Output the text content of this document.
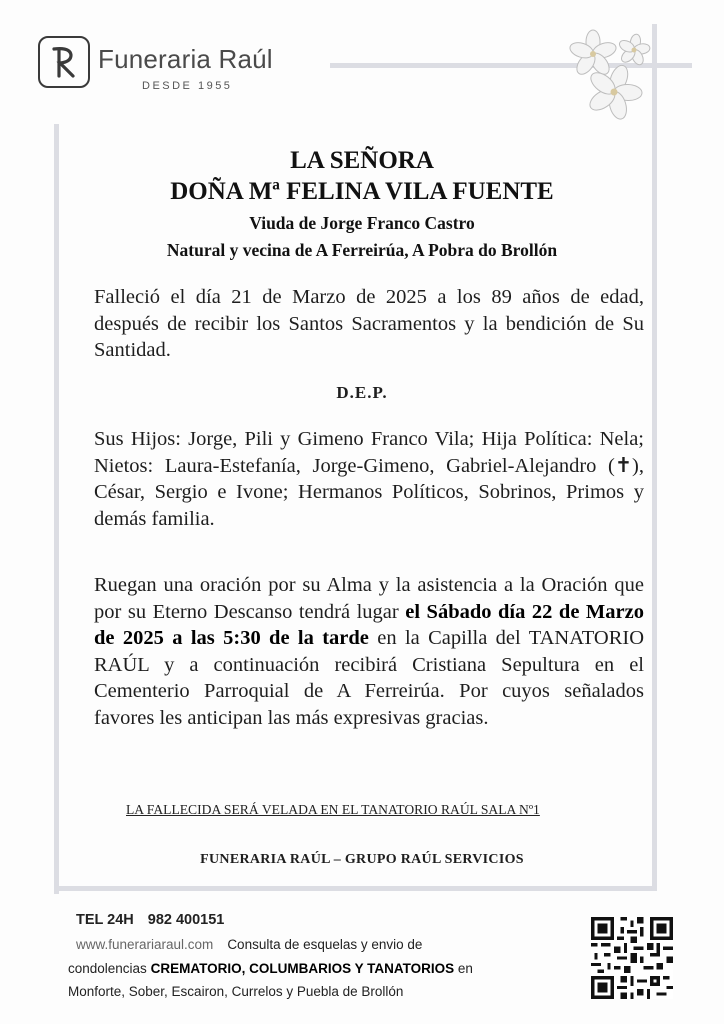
Funeraria Raúl
DESDE 1955
LA SEÑORA
DOÑA Mª FELINA VILA FUENTE
Viuda de Jorge Franco Castro
Natural y vecina de A Ferreirúa, A Pobra do Brollón
Falleció el día 21 de Marzo de 2025 a los 89 años de edad, después de recibir los Santos Sacramentos y la bendición de Su Santidad.
D.E.P.
Sus Hijos: Jorge, Pili y Gimeno Franco Vila; Hija Política: Nela; Nietos: Laura-Estefanía, Jorge-Gimeno, Gabriel-Alejandro (✝), César, Sergio e Ivone; Hermanos Políticos, Sobrinos, Primos y demás familia.
Ruegan una oración por su Alma y la asistencia a la Oración que por su Eterno Descanso tendrá lugar el Sábado día 22 de Marzo de 2025 a las 5:30 de la tarde en la Capilla del TANATORIO RAÚL y a continuación recibirá Cristiana Sepultura en el Cementerio Parroquial de A Ferreirúa. Por cuyos señalados favores les anticipan las más expresivas gracias.
LA FALLECIDA SERÁ VELADA EN EL TANATORIO RAÚL SALA Nº1
FUNERARIA RAÚL – GRUPO RAÚL SERVICIOS
TEL 24H 982 400151
www.funerariaraul.com Consulta de esquelas y envio de
condolencias CREMATORIO, COLUMBARIOS Y TANATORIOS en
Monforte, Sober, Escairon, Currelos y Puebla de Brollón
